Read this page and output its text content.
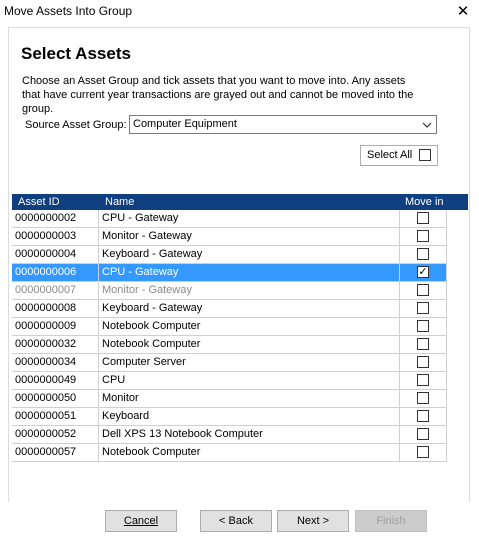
Move Assets Into Group	✕
Select Assets
Choose an Asset Group and tick assets that you want to move into. Any assets that have current year transactions are grayed out and cannot be moved into the group.
Source Asset Group: Computer Equipment
Select All
Asset ID	Name	Move in
0000000002	CPU - Gateway
0000000003	Monitor - Gateway
0000000004	Keyboard - Gateway
0000000006	CPU - Gateway	✓
0000000007	Monitor - Gateway
0000000008	Keyboard - Gateway
0000000009	Notebook Computer
0000000032	Notebook Computer
0000000034	Computer Server
0000000049	CPU
0000000050	Monitor
0000000051	Keyboard
0000000052	Dell XPS 13 Notebook Computer
0000000057	Notebook Computer
Cancel	< Back	Next >	Finish
